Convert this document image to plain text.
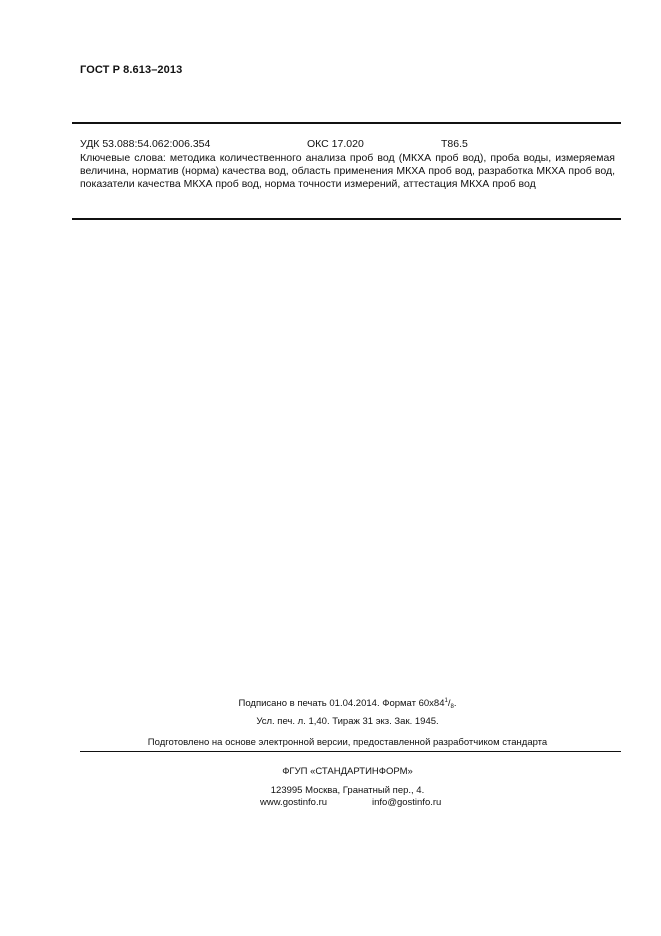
ГОСТ Р 8.613–2013
УДК 53.088:54.062:006.354	ОКС 17.020	Т86.5
Ключевые слова: методика количественного анализа проб вод (МКХА проб вод), проба воды, измеряемая величина, норматив (норма) качества вод, область применения МКХА проб вод, разработка МКХА проб вод, показатели качества МКХА проб вод, норма точности измерений, аттестация МКХА проб вод
Подписано в печать 01.04.2014. Формат $60х84^1/_8$.
Усл. печ. л. 1,40. Тираж 31 экз. Зак. 1945.
Подготовлено на основе электронной версии, предоставленной разработчиком стандарта
ФГУП «СТАНДАРТИНФОРМ»
123995 Москва, Гранатный пер., 4.
www.gostinfo.ru	info@gostinfo.ru
